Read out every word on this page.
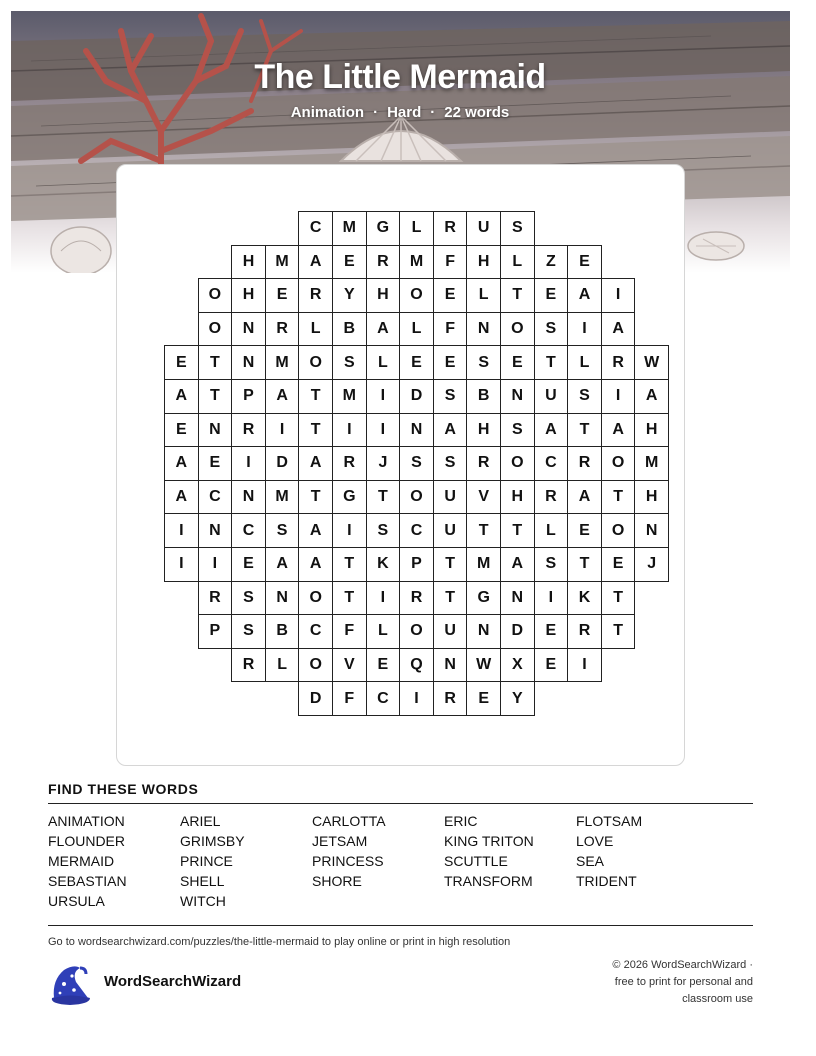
The Little Mermaid
Animation · Hard · 22 words
C	M	G	L	R	U	S
H	M	A	E	R	M	F	H	L	Z	E
O	H	E	R	Y	H	O	E	L	T	E	A	I
O	N	R	L	B	A	L	F	N	O	S	I	A
E	T	N	M	O	S	L	E	E	S	E	T	L	R	W
A	T	P	A	T	M	I	D	S	B	N	U	S	I	A
E	N	R	I	T	I	I	N	A	H	S	A	T	A	H
A	E	I	D	A	R	J	S	S	R	O	C	R	O	M
A	C	N	M	T	G	T	O	U	V	H	R	A	T	H
I	N	C	S	A	I	S	C	U	T	T	L	E	O	N
I	I	E	A	A	T	K	P	T	M	A	S	T	E	J
R	S	N	O	T	I	R	T	G	N	I	K	T
P	S	B	C	F	L	O	U	N	D	E	R	T
R	L	O	V	E	Q	N	W	X	E	I
D	F	C	I	R	E	Y
FIND THESE WORDS
ANIMATION	ARIEL	CARLOTTA	ERIC	FLOTSAM
FLOUNDER	GRIMSBY	JETSAM	KING TRITON	LOVE
MERMAID	PRINCE	PRINCESS	SCUTTLE	SEA
SEBASTIAN	SHELL	SHORE	TRANSFORM	TRIDENT
URSULA	WITCH
Go to wordsearchwizard.com/puzzles/the-little-mermaid to play online or print in high resolution
WordSearchWizard
© 2026 WordSearchWizard ·
free to print for personal and
classroom use
